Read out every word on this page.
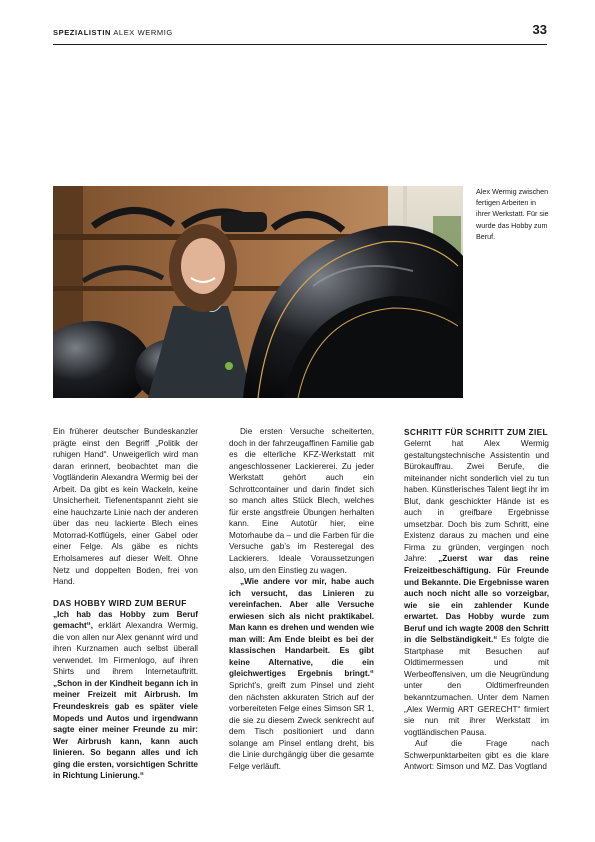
SPEZIALISTIN ALEX WERMIG	33
Alex Wermig zwischen fertigen Arbeiten in ihrer Werkstatt. Für sie wurde das Hobby zum Beruf.

Ein früherer deutscher Bundeskanzler prägte einst den Begriff „Politik der ruhigen Hand“. Unweigerlich wird man daran erinnert, beobachtet man die Vogtländerin Alexandra Wermig bei der Arbeit. Da gibt es kein Wackeln, keine Unsicherheit. Tiefenentspannt zieht sie eine hauchzarte Linie nach der anderen über das neu lackierte Blech eines Motorrad-Kotflügels, einer Gabel oder einer Felge. Als gäbe es nichts Erholsameres auf dieser Welt. Ohne Netz und doppelten Boden, frei von Hand.

DAS HOBBY WIRD ZUM BERUF

„Ich hab das Hobby zum Beruf gemacht“, erklärt Alexandra Wermig, die von allen nur Alex genannt wird und ihren Kurznamen auch selbst überall verwendet. Im Firmenlogo, auf ihren Shirts und ihrem Internetauftritt. „Schon in der Kindheit begann ich in meiner Freizeit mit Airbrush. Im Freundeskreis gab es später viele Mopeds und Autos und irgendwann sagte einer meiner Freunde zu mir: Wer Airbrush kann, kann auch linieren. So begann alles und ich ging die ersten, vorsichtigen Schritte in Richtung Linierung.“

Die ersten Versuche scheiterten, doch in der fahrzeugaffinen Familie gab es die elterliche KFZ-Werkstatt mit angeschlossener Lackiererei. Zu jeder Werkstatt gehört auch ein Schrottcontainer und darin findet sich so manch altes Stück Blech, welches für erste angstfreie Übungen herhalten kann. Eine Autotür hier, eine Motorhaube da – und die Farben für die Versuche gab’s im Resteregal des Lackierers. Ideale Voraussetzungen also, um den Einstieg zu wagen.

„Wie andere vor mir, habe auch ich versucht, das Linieren zu vereinfachen. Aber alle Versuche erwiesen sich als nicht praktikabel. Man kann es drehen und wenden wie man will: Am Ende bleibt es bei der klassischen Handarbeit. Es gibt keine Alternative, die ein gleichwertiges Ergebnis bringt.“ Spricht’s, greift zum Pinsel und zieht den nächsten akkuraten Strich auf der vorbereiteten Felge eines Simson SR 1, die sie zu diesem Zweck senkrecht auf dem Tisch positioniert und dann solange am Pinsel entlang dreht, bis die Linie durchgängig über die gesamte Felge verläuft.

SCHRITT FÜR SCHRITT ZUM ZIEL

Gelernt hat Alex Wermig gestaltungstechnische Assistentin und Bürokauffrau. Zwei Berufe, die miteinander nicht sonderlich viel zu tun haben. Künstlerisches Talent liegt ihr im Blut, dank geschickter Hände ist es auch in greifbare Ergebnisse umsetzbar. Doch bis zum Schritt, eine Existenz daraus zu machen und eine Firma zu gründen, vergingen noch Jahre: „Zuerst war das reine Freizeitbeschäftigung. Für Freunde und Bekannte. Die Ergebnisse waren auch noch nicht alle so vorzeigbar, wie sie ein zahlender Kunde erwartet. Das Hobby wurde zum Beruf und ich wagte 2008 den Schritt in die Selbständigkeit.“ Es folgte die Startphase mit Besuchen auf Oldtimermessen und mit Werbeoffensiven, um die Neugründung unter den Oldtimerfreunden bekanntzumachen. Unter dem Namen „Alex Wermig ART GERECHT“ firmiert sie nun mit ihrer Werkstatt im vogtländischen Pausa.

Auf die Frage nach Schwerpunktarbeiten gibt es die klare Antwort: Simson und MZ. Das Vogtland
